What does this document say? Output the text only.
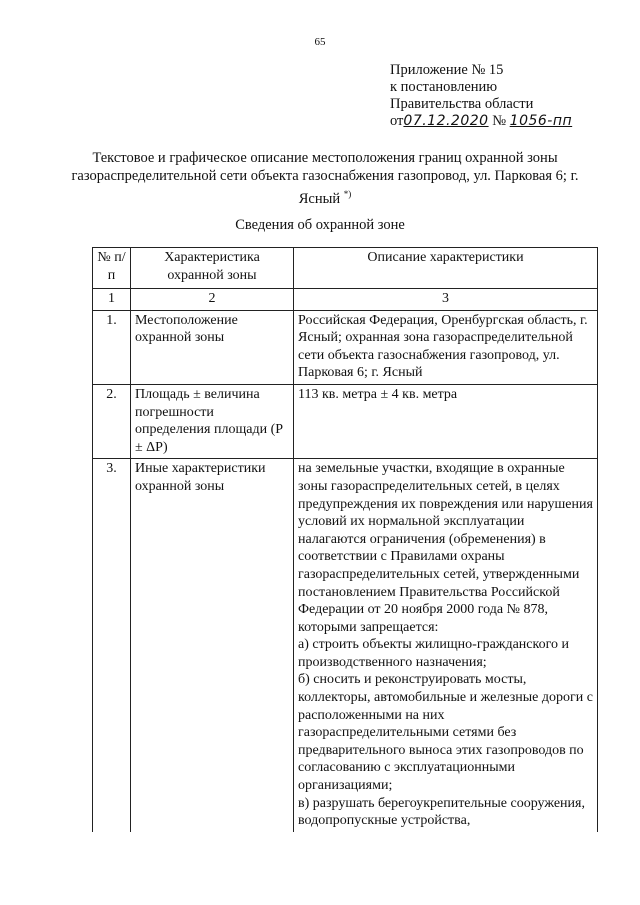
65
Приложение № 15
к постановлению
Правительства области
от07.12.2020 № 1056-пп
Текстовое и графическое описание местоположения границ охранной зоны газораспределительной сети объекта газоснабжения газопровод, ул. Парковая 6; г. Ясный *)
Сведения об охранной зоне
№ п/п	Характеристика охранной зоны	Описание характеристики
1	2	3
1.	Местоположение охранной зоны	Российская Федерация, Оренбургская область, г. Ясный; охранная зона газораспределительной сети объекта газоснабжения газопровод, ул. Парковая 6; г. Ясный
2.	Площадь ± величина погрешности определения площади (Р ± ΔР)	113 кв. метра ± 4 кв. метра
3.	Иные характеристики охранной зоны	на земельные участки, входящие в охранные зоны газораспределительных сетей, в целях предупреждения их повреждения или нарушения условий их нормальной эксплуатации налагаются ограничения (обременения) в соответствии с Правилами охраны газораспределительных сетей, утвержденными постановлением Правительства Российской Федерации от 20 ноября 2000 года № 878, которыми запрещается:
а) строить объекты жилищно-гражданского и производственного назначения;
б) сносить и реконструировать мосты, коллекторы, автомобильные и железные дороги с расположенными на них газораспределительными сетями без предварительного выноса этих газопроводов по согласованию с эксплуатационными организациями;
в) разрушать берегоукрепительные сооружения, водопропускные устройства,
